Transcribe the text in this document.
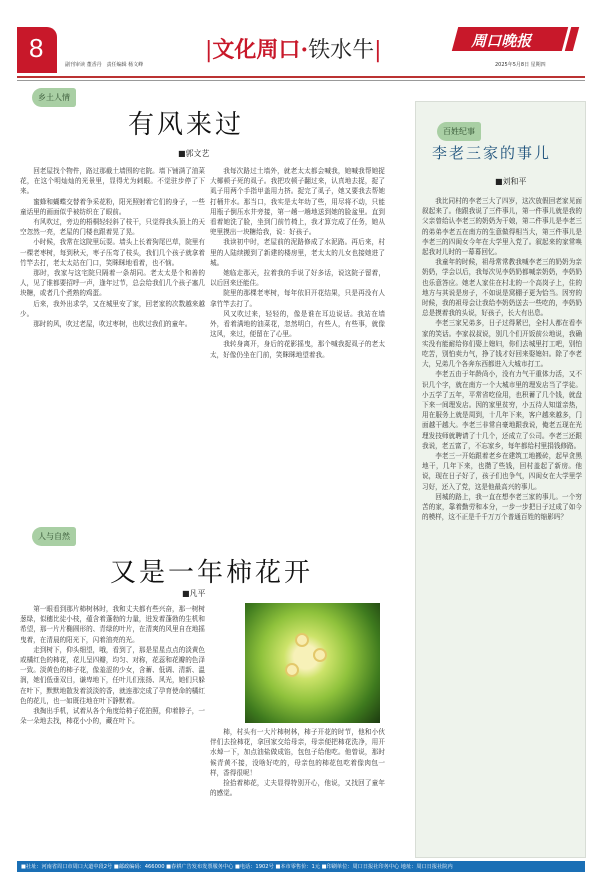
8
副刊审读 董香丹　责任编辑 杨文峰
|文化周口·铁水牛|	周口晚报
2025年5月8日 星期四
乡土人情
有风来过
■郭文艺

回老屋找个物件，路过那截土墙围的宅院。墙下铺满了油菜花，在这个明灿灿的光景里，显得尤为刺眼。不觉驻步停了下来。

蜜蜂和蝴蝶交替着争采花粉，阳光照射着它们的身子，一些童话里的画面似乎被纺织在了眼前。

有风吹过，旁边的梧桐轻轻斜了枝干，只觉得我头顶上的天空忽然一亮，老屋的门楼也跟着晃了晃。

小时候，我常在这院里玩耍。墙头上长着狗尾巴草，院里有一棵老枣树，每到秋天，枣子压弯了枝头，我们几个孩子就拿着竹竿去打，老太太站在门口，笑眯眯地看着，也不恼。

那时，我家与这宅院只隔着一条胡同。老太太是个和善的人，见了谁都要招呼一声，逢年过节，总会给我们几个孩子塞几块糖，或者几个煮熟的鸡蛋。

后来，我外出求学，又在城里安了家，回老家的次数越来越少。

那时的风，吹过老屋，吹过枣树，也吹过我们的童年。

我每次路过土墙外，就老太太都会喊我，她喊我帮她捉大椰顿子死的虱子。我把攻顿子翻过来，认真地去捉，捉了虱子用两个手指甲盖用力挤。捉完了虱子，她又要我去帮她打桶井水。那当口，我实是太年幼了些，用尽将不动，只能用瓶子倒压水井旁接，第一趟一趟地送到她的脸盆里。直到看着她洗了脸，坐到门前竹椅上，我才算完成了任务，她从兜里摸出一块糖给我，说：好孩子。

我读初中时，老屋前的泥路修成了水泥路。再后来，村里的人陆续搬到了新建的楼房里，老太太的儿女也接她进了城。

她临走那天，拉着我的手说了好多话，说这院子留着，以后回来还能住。

院里的那棵老枣树，每年依旧开花结果，只是再没有人拿竹竿去打了。

风又吹过来，轻轻的，像是谁在耳边说话。我站在墙外，看着满地的油菜花，忽然明白，有些人，有些事，就像这风，来过，便留在了心里。

我转身离开，身后的花影摇曳，那个喊我捉虱子的老太太，好像仍坐在门前，笑眯眯地望着我。

人与自然
又是一年柿花开
■凡平

第一眼看到那片柿树林时，我和丈夫都有些兴奋，那一树树葱绿，似穗比徒小枝，蕴含着蓬勃的力量，迸发着蓬勃的生机和希望，那一片片椭圆形的、青绿的叶片，在清爽的风里自在地摇曳着，在清晨的阳光下，闪着油亮的光。

走到树下，仰头细望，哦，看到了，那是星星点点的淡黄色或橘红色的柿花，花儿呈四瓣，均匀、对称，花蕊和花瓣的色泽一致。淡黄色的柿子花，像羞涩的少女，含蓄、低调、清新、温润，她们低垂双目，谦卑地下，任叶儿们张扬、风光，她们只躲在叶下，默默地散发着淡淡的香，就连那完成了孕育使命的橘红色的花儿，也一如既往地在叶下静默着。

我掏出手机，试着从各个角度给柿子花拍照，仰着脖子，一朵一朵地去找，柿花小小的，藏在叶下。

柿，村头有一大片柿树林，柿子开花的时节，他和小伙伴们去捡柿花，拿回家交给母亲，母亲便把柿花洗净，用开水焯一下，加点油盐做成馅，包包子给他吃。他曾说，那时候青黄不接，没啥好吃的，母亲包的柿花包吃着像肉包一样，香得很呢！

捡拾着柿花，丈夫显得特别开心，他说，又找回了童年的感觉。

百姓纪事
李老三家的事儿
■刘和平

我比同村的李老三大了四岁，这次放假回老家见面叙起来了。他跟我说了三件事儿，第一件事儿就是我的父亲曾给认李老三的奶奶为干娘，第二件事儿是李老三的弟弟李老五在南方的生意做得相当大，第三件事儿是李老三的四闺女今年在大学里入党了。叙起来的家常唤起我对儿时的一幕幕回忆。

我童年的时候，祖母常常教我喊李老三的奶奶为亲奶奶，学会以后，我每次见李奶奶都喊亲奶奶，李奶奶也乐意答应。她老人家住在村北的一个高岗子上，住的地方与其说是房子，不如说是窝棚子更为恰当。因穷的时候，我的祖母会让我给李奶奶送去一些吃的，李奶奶总是摸着我的头说，好孩子，长大有出息。

李老三家兄弟多，日子过得紧巴，全村人都在看李家的笑话。李家叔叔说，别几个们开饭前公地说，我确实没有能耐给你们娶上媳妇，你们去城里打工吧，别怕吃苦，别怕卖力气，挣了钱才好回来娶媳妇。除了李老大，兄弟几个各奔东西都进入大城市打工。

李老五由于年龄尚小，没有力气干重体力活，又不识几个字，就在南方一个大城市里的理发店当了学徒。小五学了五年，平常省吃俭用，也积蓄了几个钱，就盘下来一间理发店。因的家里贫穷，小五待人知道亲热，用在服务上就是周到，十几年下来，客户越来越多，门面越干越大。李老三非常自豪地跟我说，俺老五现在光理发技师就聘请了十几个，还成立了公司。李老三还跟我说，老五富了，不忘家乡，每年都给村里捐钱修路。

李老三一开始跟着老乡在建筑工地搬砖，起早贪黑地干，几年下来，也攒了些钱，回村盖起了新房。他说，现在日子好了，孩子们也争气，四闺女在大学里学习好，还入了党，这是他最高兴的事儿。

回城的路上，我一直在想李老三家的事儿。一个穷苦的家，靠着勤劳和本分，一步一步把日子过成了如今的模样，这不正是千千万万个普通百姓的缩影吗？

■社址：河南省周口市周口大道中段2号 ■邮政编码：466000 ■春耕广告发布发票服务中心 ■电话：1902号 ■本市零售价：1元 ■印刷单位：周口日报社印务中心 地址：周口日报社院内
